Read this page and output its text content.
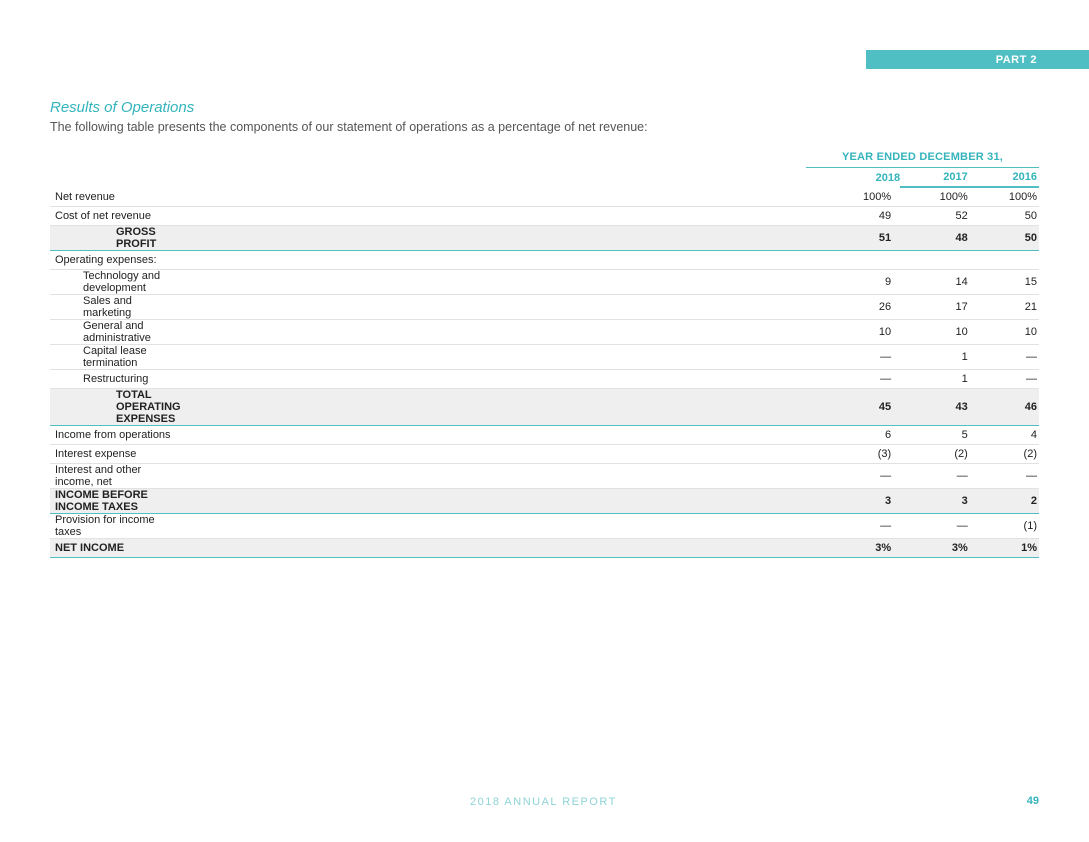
PART 2
Results of Operations

The following table presents the components of our statement of operations as a percentage of net revenue:

YEAR ENDED DECEMBER 31,
	2018	2017	2016
Net revenue	100%	100%	100%
Cost of net revenue	49	52	50
GROSS PROFIT	51	48	50
Operating expenses:			
Technology and development	9	14	15
Sales and marketing	26	17	21
General and administrative	10	10	10
Capital lease termination	—	1	—
Restructuring	—	1	—
TOTAL OPERATING EXPENSES	45	43	46
Income from operations	6	5	4
Interest expense	(3)	(2)	(2)
Interest and other income, net	—	—	—
INCOME BEFORE INCOME TAXES	3	3	2
Provision for income taxes	—	—	(1)
NET INCOME	3%	3%	1%
2018 ANNUAL REPORT	49
